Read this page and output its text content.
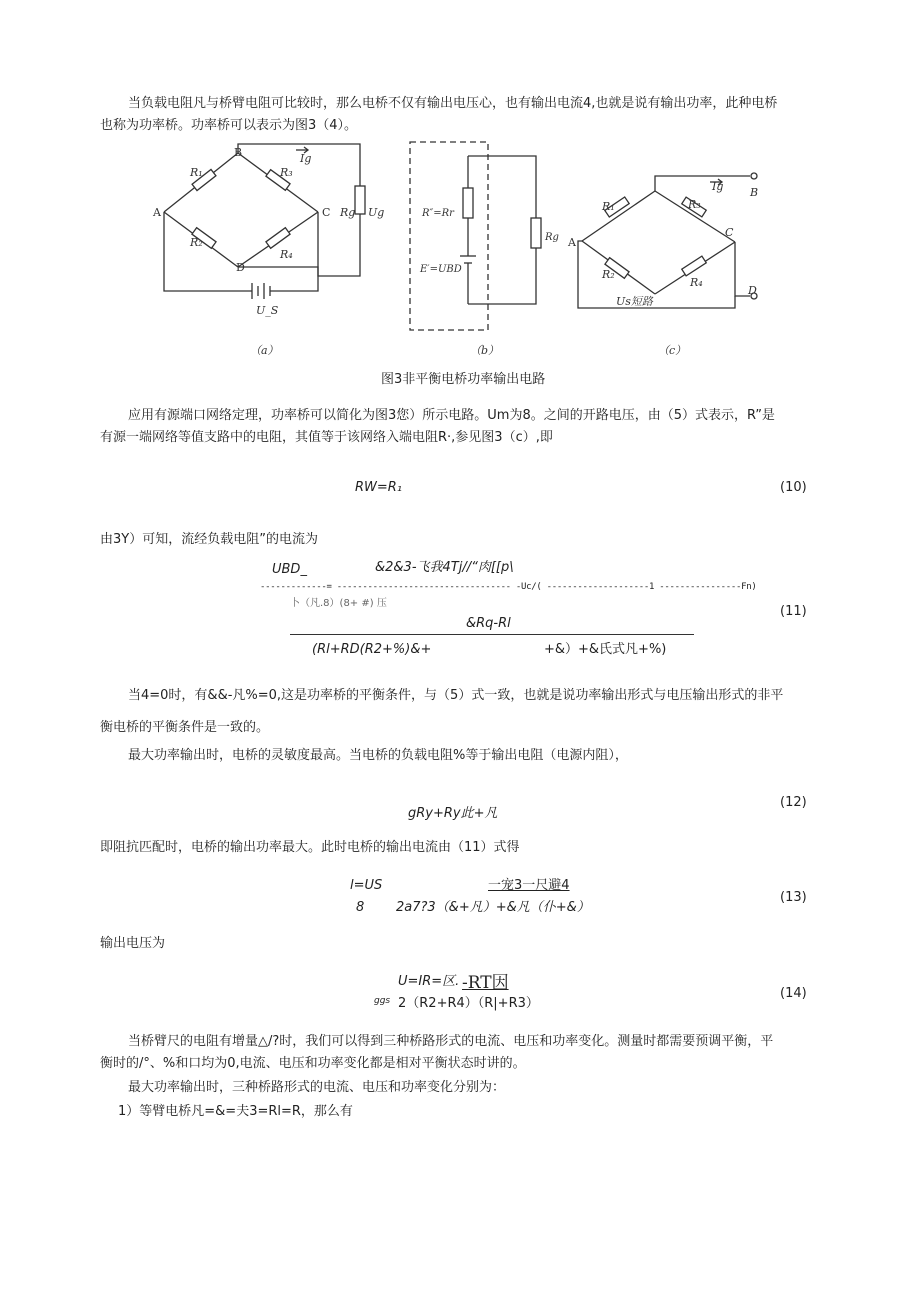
当负载电阻凡与桥臂电阻可比较时，那么电桥不仅有输出电压心，也有输出电流4,也就是说有输出功率，此种电桥
也称为功率桥。功率桥可以表示为图3（4）。
B
A	C
D
R₁	R₃
R₂
R₄
Rg Ug
Ig
U_S
（a）
R″=Rr
E′=UBD
Rg
（b）
B
A
C
D
R₁	R₃
R₂
R₄
Ig
Us短路
（c）
图3非平衡电桥功率输出电路
应用有源端口网络定理，功率桥可以简化为图3您）所示电路。Um为8。之间的开路电压，由（5）式表示，R”是
有源一端网络等值支路中的电阻，其值等于该网络入端电阻R·,参见图3（c）,即
RW=R₁	(10)
由3Y）可知，流经负载电阻”的电流为
UBD_	&2&3-飞我4Tj//“肉[[p\
-------------= ---------------------------------- -Uc/( --------------------1 ----------------Fn)
卜（凡.8）(8+ #) 压
&Rq-Rl
(Rl+RD(R2+%)&+	+&）+&氏式凡+%)
(11)
当4=0时，有&&-凡%=0,这是功率桥的平衡条件，与（5）式一致，也就是说功率输出形式与电压输出形式的非平
衡电桥的平衡条件是一致的。
最大功率输出时，电桥的灵敏度最高。当电桥的负载电阻%等于输出电阻（电源内阻），
gRy+Ry此+凡
(12)
即阻抗匹配时，电桥的输出功率最大。此时电桥的输出电流由（11）式得
l=US	一宠3一尺避4
8 2a7?3（&+凡）+&凡（仆+&）
(13)
输出电压为
U=IR=区. -RT因
ggs 2（R2+R4）（R|+R3）
(14)
当桥臂尺的电阻有增量△/?时，我们可以得到三种桥路形式的电流、电压和功率变化。测量时都需要预调平衡，平
衡时的/°、%和口均为0,电流、电压和功率变化都是相对平衡状态时讲的。
最大功率输出时，三种桥路形式的电流、电压和功率变化分别为：
1）等臂电桥凡=&=夫3=Rl=R，那么有
